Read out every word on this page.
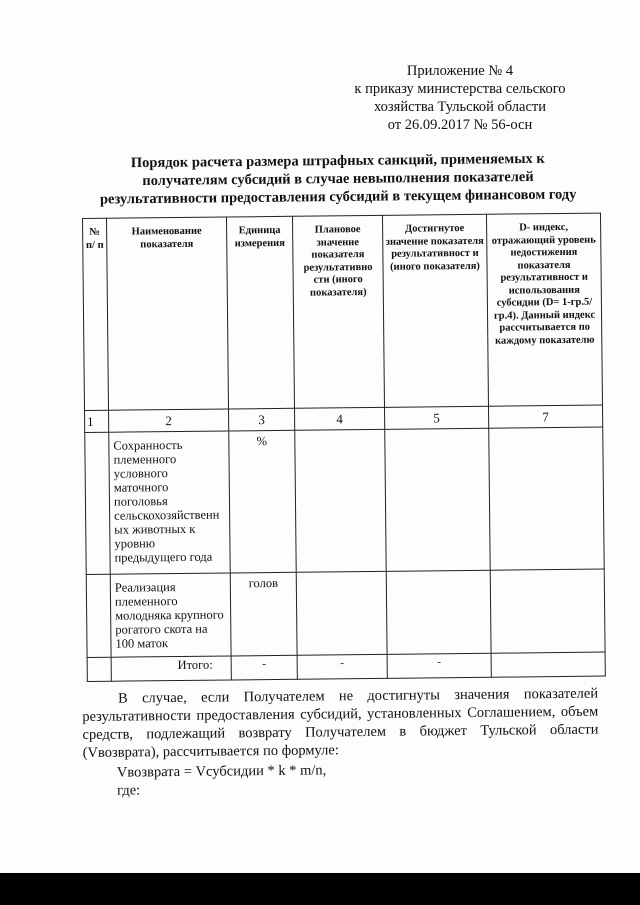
Приложение № 4
к приказу министерства сельского
хозяйства Тульской области
от 26.09.2017 № 56-осн
Порядок расчета размера штрафных санкций, применяемых к
получателям субсидий в случае невыполнения показателей
результативности предоставления субсидий в текущем финансовом году
№ п/ п	Наименование показателя	Единица измерения	Плановое значение показателя результативно сти (иного показателя)	Достигнутое значение показателя результативност и (иного показателя)	D- индекс, отражающий уровень недостижения показателя результативност и использования субсидии (D= 1-гр.5/гр.4). Данный индекс рассчитывается по каждому показателю
1	2	3	4	5	7
	Сохранность племенного условного маточного поголовья сельскохозяйственн ых животных к уровню предыдущего года	%			
	Реализация племенного молодняка крупного рогатого скота на 100 маток	голов			
	Итого:	-	-	-	

В случае, если Получателем не достигнуты значения показателей результативности предоставления субсидий, установленных Соглашением, объем средств, подлежащий возврату Получателем в бюджет Тульской области (Vвозврата), рассчитывается по формуле:

Vвозврата = Vсубсидии * k * m/n,

где:
